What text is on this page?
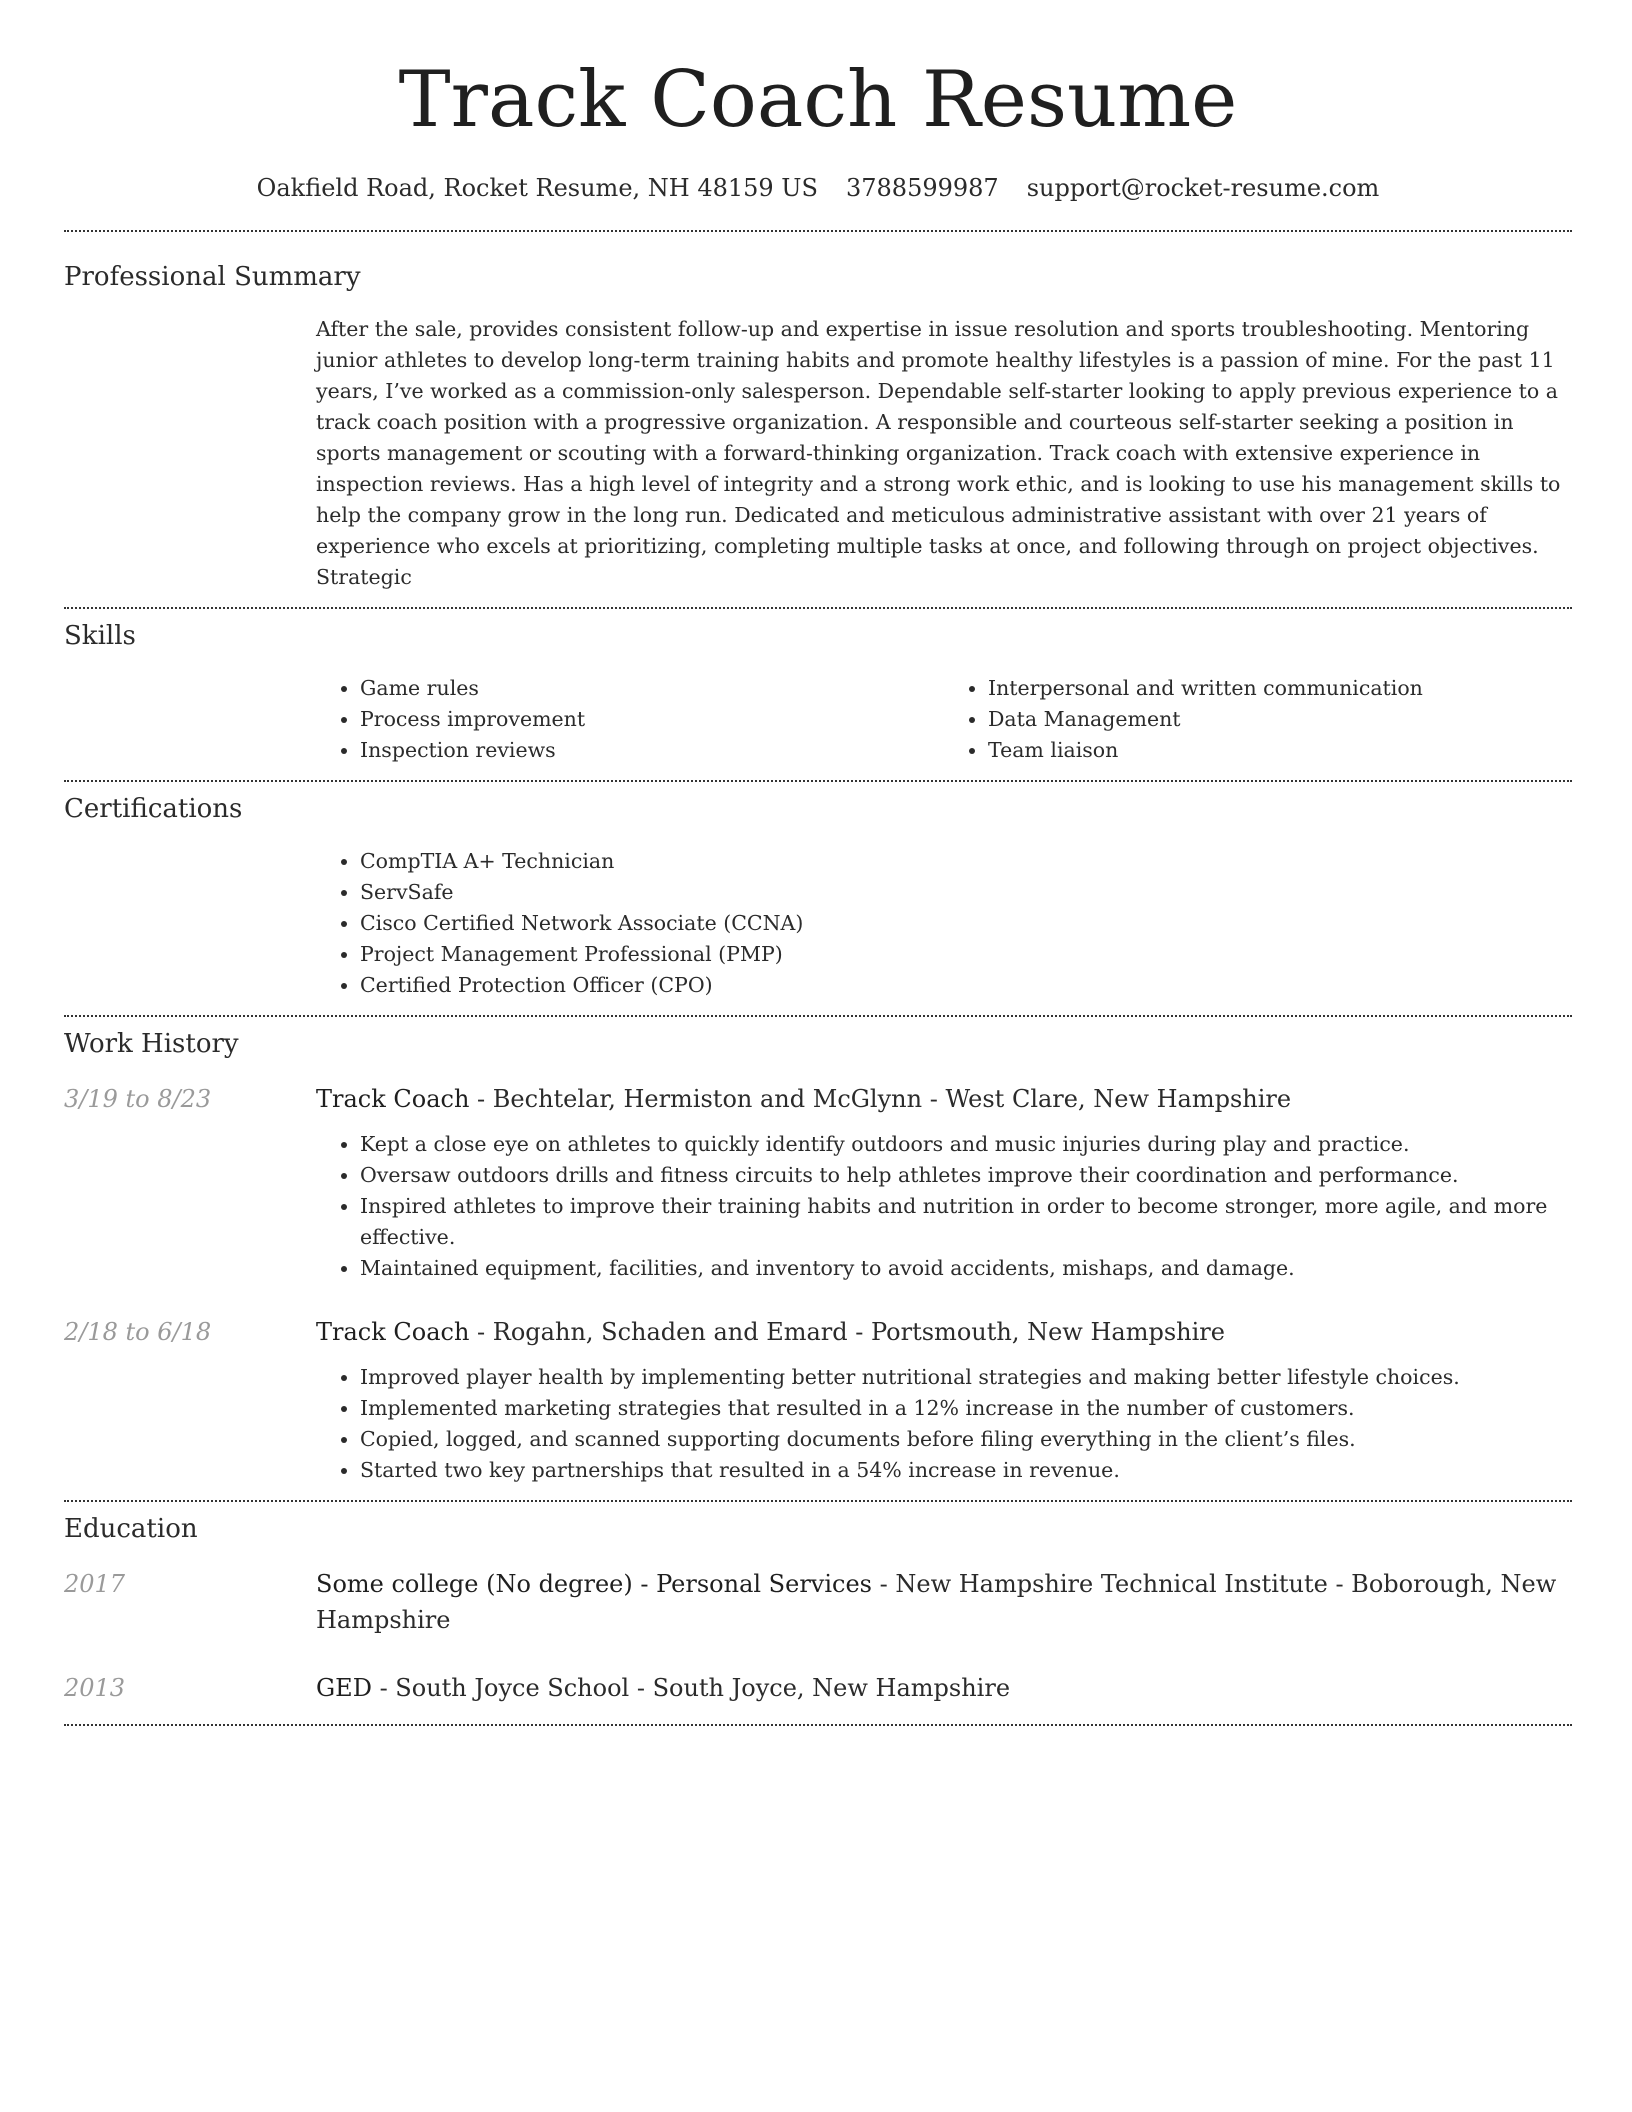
Track Coach Resume
Oakfield Road, Rocket Resume, NH 48159 US 3788599987 support@rocket-resume.com
Professional Summary

After the sale, provides consistent follow-up and expertise in issue resolution and sports troubleshooting. Mentoring junior athletes to develop long-term training habits and promote healthy lifestyles is a passion of mine. For the past 11 years, I’ve worked as a commission-only salesperson. Dependable self-starter looking to apply previous experience to a track coach position with a progressive organization. A responsible and courteous self-starter seeking a position in sports management or scouting with a forward-thinking organization. Track coach with extensive experience in inspection reviews. Has a high level of integrity and a strong work ethic, and is looking to use his management skills to help the company grow in the long run. Dedicated and meticulous administrative assistant with over 21 years of experience who excels at prioritizing, completing multiple tasks at once, and following through on project objectives. Strategic

Skills
• Game rules
• Process improvement
• Inspection reviews
• Interpersonal and written communication
• Data Management
• Team liaison
Certifications
• CompTIA A+ Technician
• ServSafe
• Cisco Certified Network Associate (CCNA)
• Project Management Professional (PMP)
• Certified Protection Officer (CPO)
Work History
3/19 to 8/23	Track Coach - Bechtelar, Hermiston and McGlynn - West Clare, New Hampshire
• Kept a close eye on athletes to quickly identify outdoors and music injuries during play and practice.
• Oversaw outdoors drills and fitness circuits to help athletes improve their coordination and performance.
• Inspired athletes to improve their training habits and nutrition in order to become stronger, more agile, and more effective.
• Maintained equipment, facilities, and inventory to avoid accidents, mishaps, and damage.
2/18 to 6/18	Track Coach - Rogahn, Schaden and Emard - Portsmouth, New Hampshire
• Improved player health by implementing better nutritional strategies and making better lifestyle choices.
• Implemented marketing strategies that resulted in a 12% increase in the number of customers.
• Copied, logged, and scanned supporting documents before filing everything in the client’s files.
• Started two key partnerships that resulted in a 54% increase in revenue.
Education
2017	Some college (No degree) - Personal Services - New Hampshire Technical Institute - Boborough, New Hampshire
2013	GED - South Joyce School - South Joyce, New Hampshire
